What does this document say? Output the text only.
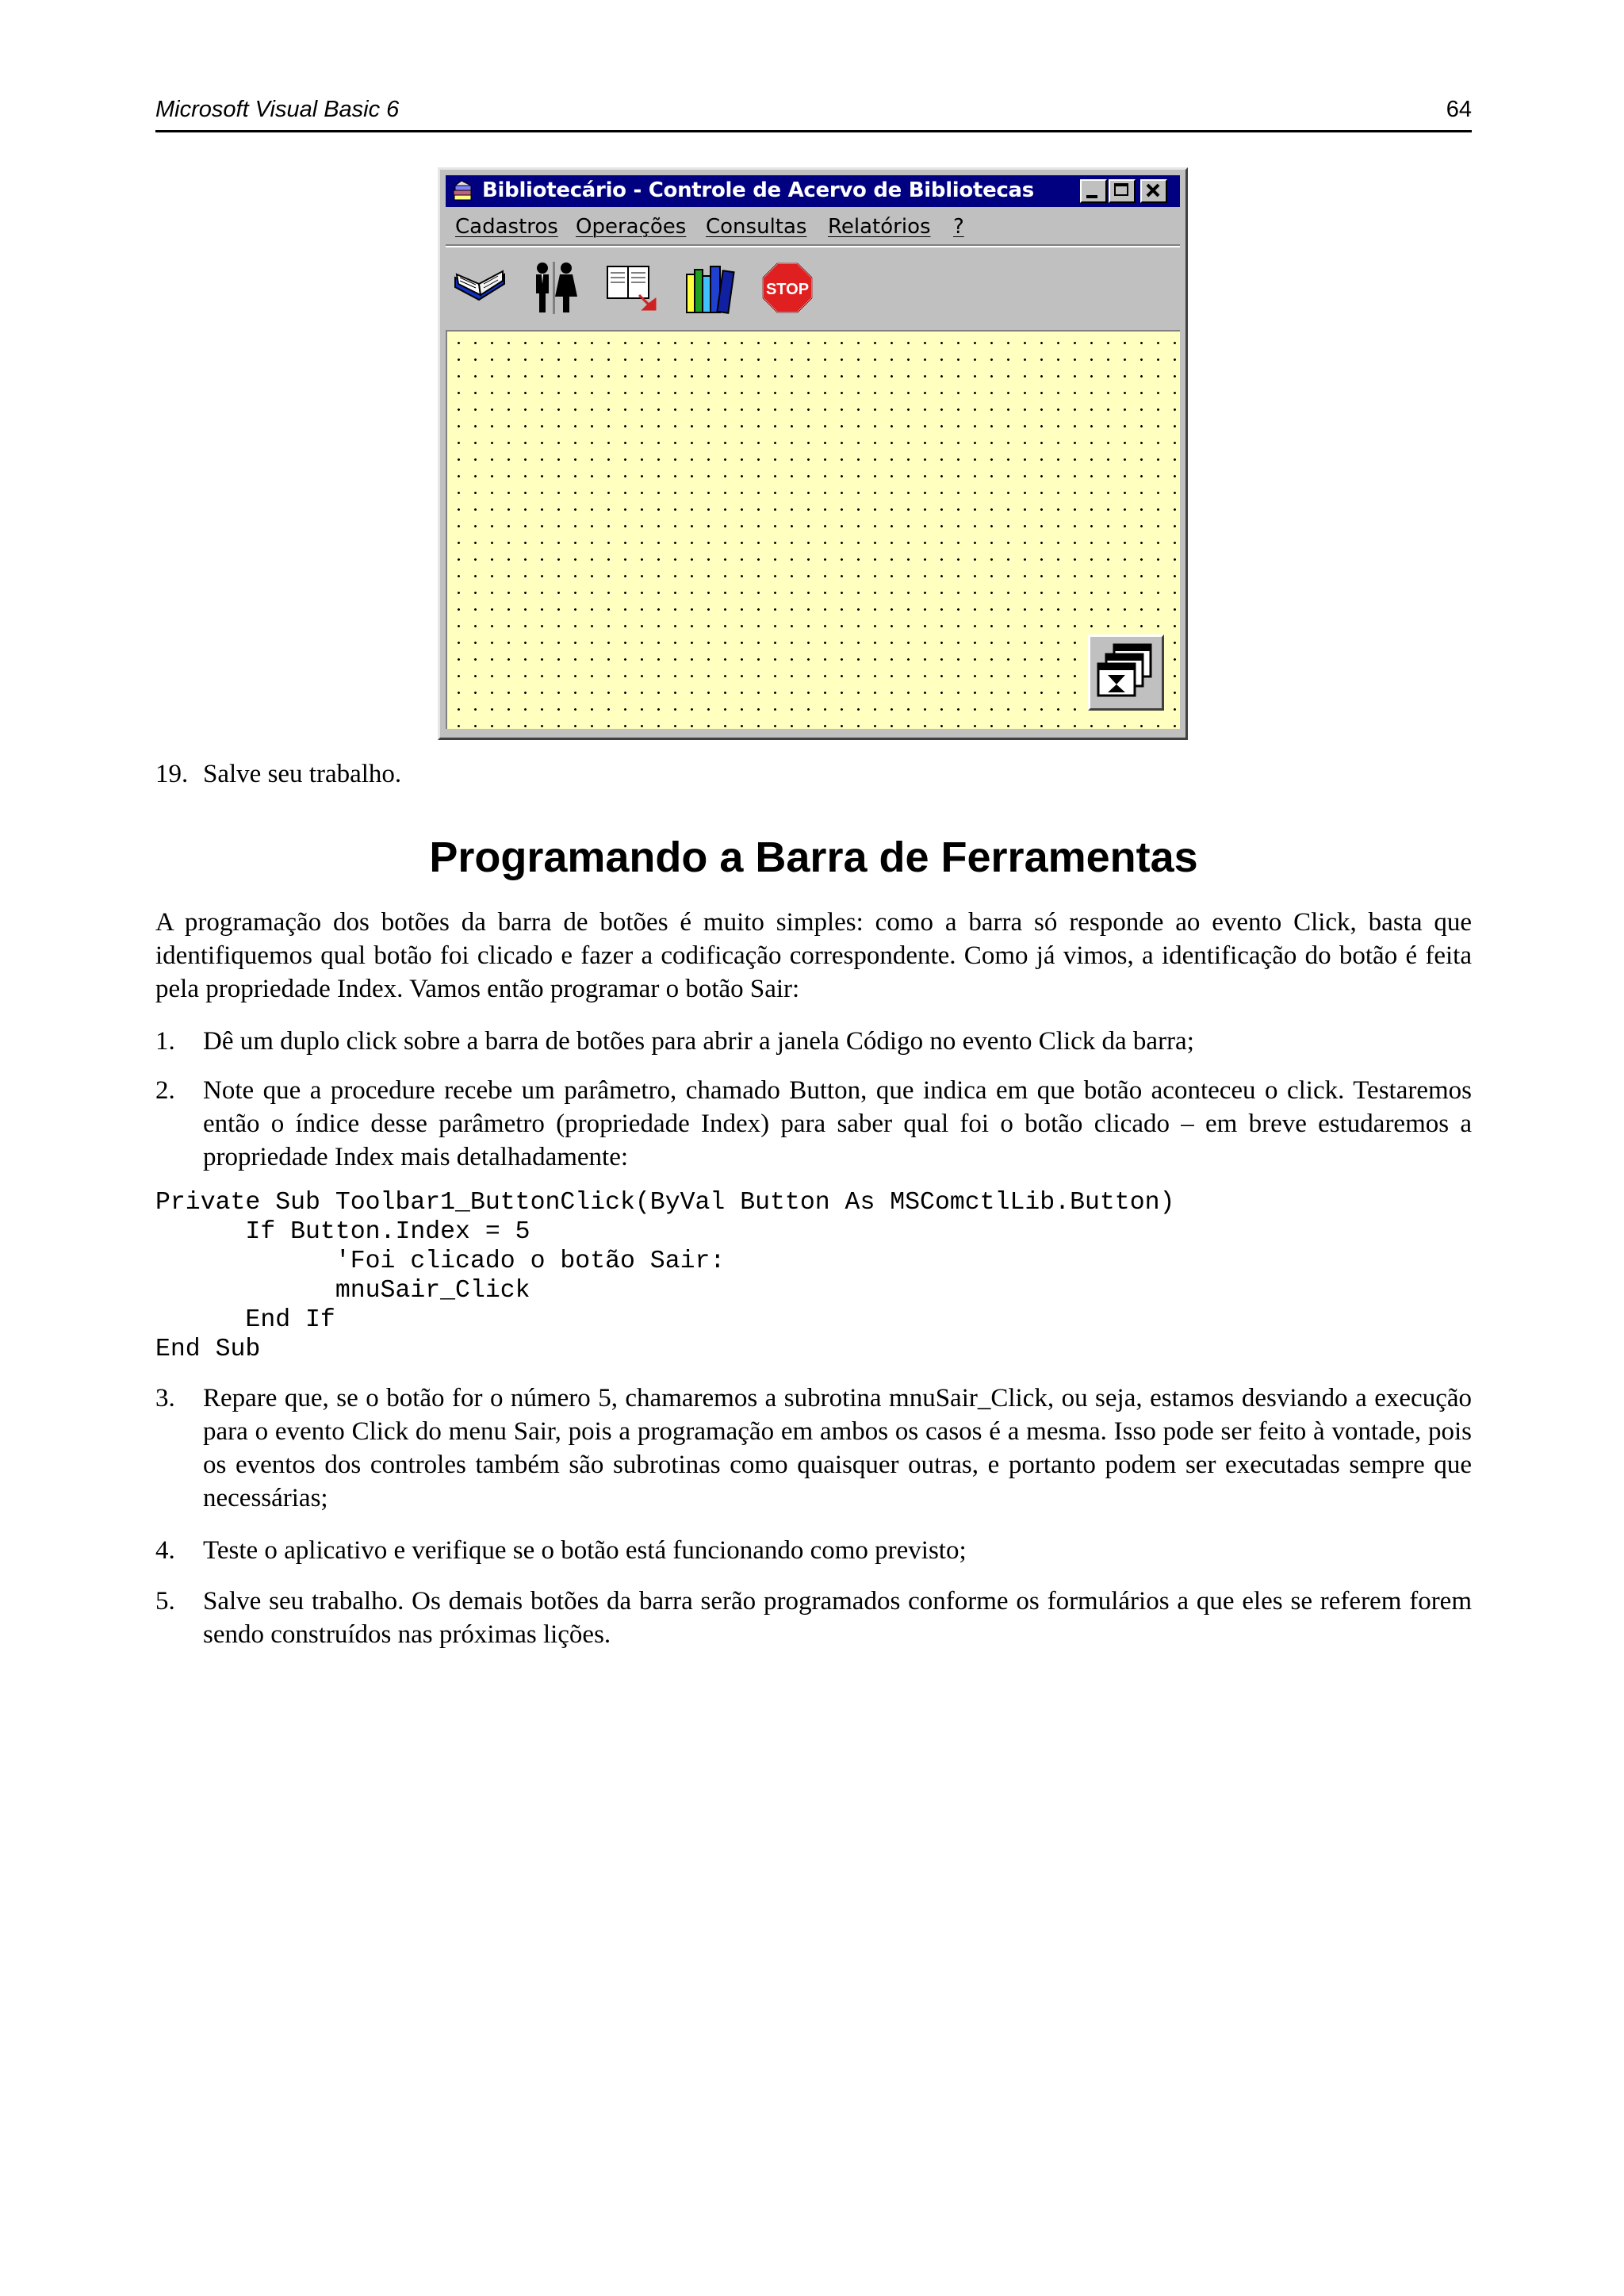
Microsoft Visual Basic 6	64
Bibliotecário - Controle de Acervo de Bibliotecas
Cadastros Operações Consultas Relatórios ?
STOP
19. Salve seu trabalho.
Programando a Barra de Ferramentas
A programação dos botões da barra de botões é muito simples: como a barra só responde ao evento Click, basta que identifiquemos qual botão foi clicado e fazer a codificação correspondente. Como já vimos, a identificação do botão é feita pela propriedade Index. Vamos então programar o botão Sair:
1. Dê um duplo click sobre a barra de botões para abrir a janela Código no evento Click da barra;
2. Note que a procedure recebe um parâmetro, chamado Button, que indica em que botão aconteceu o click. Testaremos então o índice desse parâmetro (propriedade Index) para saber qual foi o botão clicado – em breve estudaremos a propriedade Index mais detalhadamente:
Private Sub Toolbar1_ButtonClick(ByVal Button As MSComctlLib.Button)
If Button.Index = 5
'Foi clicado o botão Sair:
mnuSair_Click
End If
End Sub
3. Repare que, se o botão for o número 5, chamaremos a subrotina mnuSair_Click, ou seja, estamos desviando a execução para o evento Click do menu Sair, pois a programação em ambos os casos é a mesma. Isso pode ser feito à vontade, pois os eventos dos controles também são subrotinas como quaisquer outras, e portanto podem ser executadas sempre que necessárias;
4. Teste o aplicativo e verifique se o botão está funcionando como previsto;
5. Salve seu trabalho. Os demais botões da barra serão programados conforme os formulários a que eles se referem forem sendo construídos nas próximas lições.
